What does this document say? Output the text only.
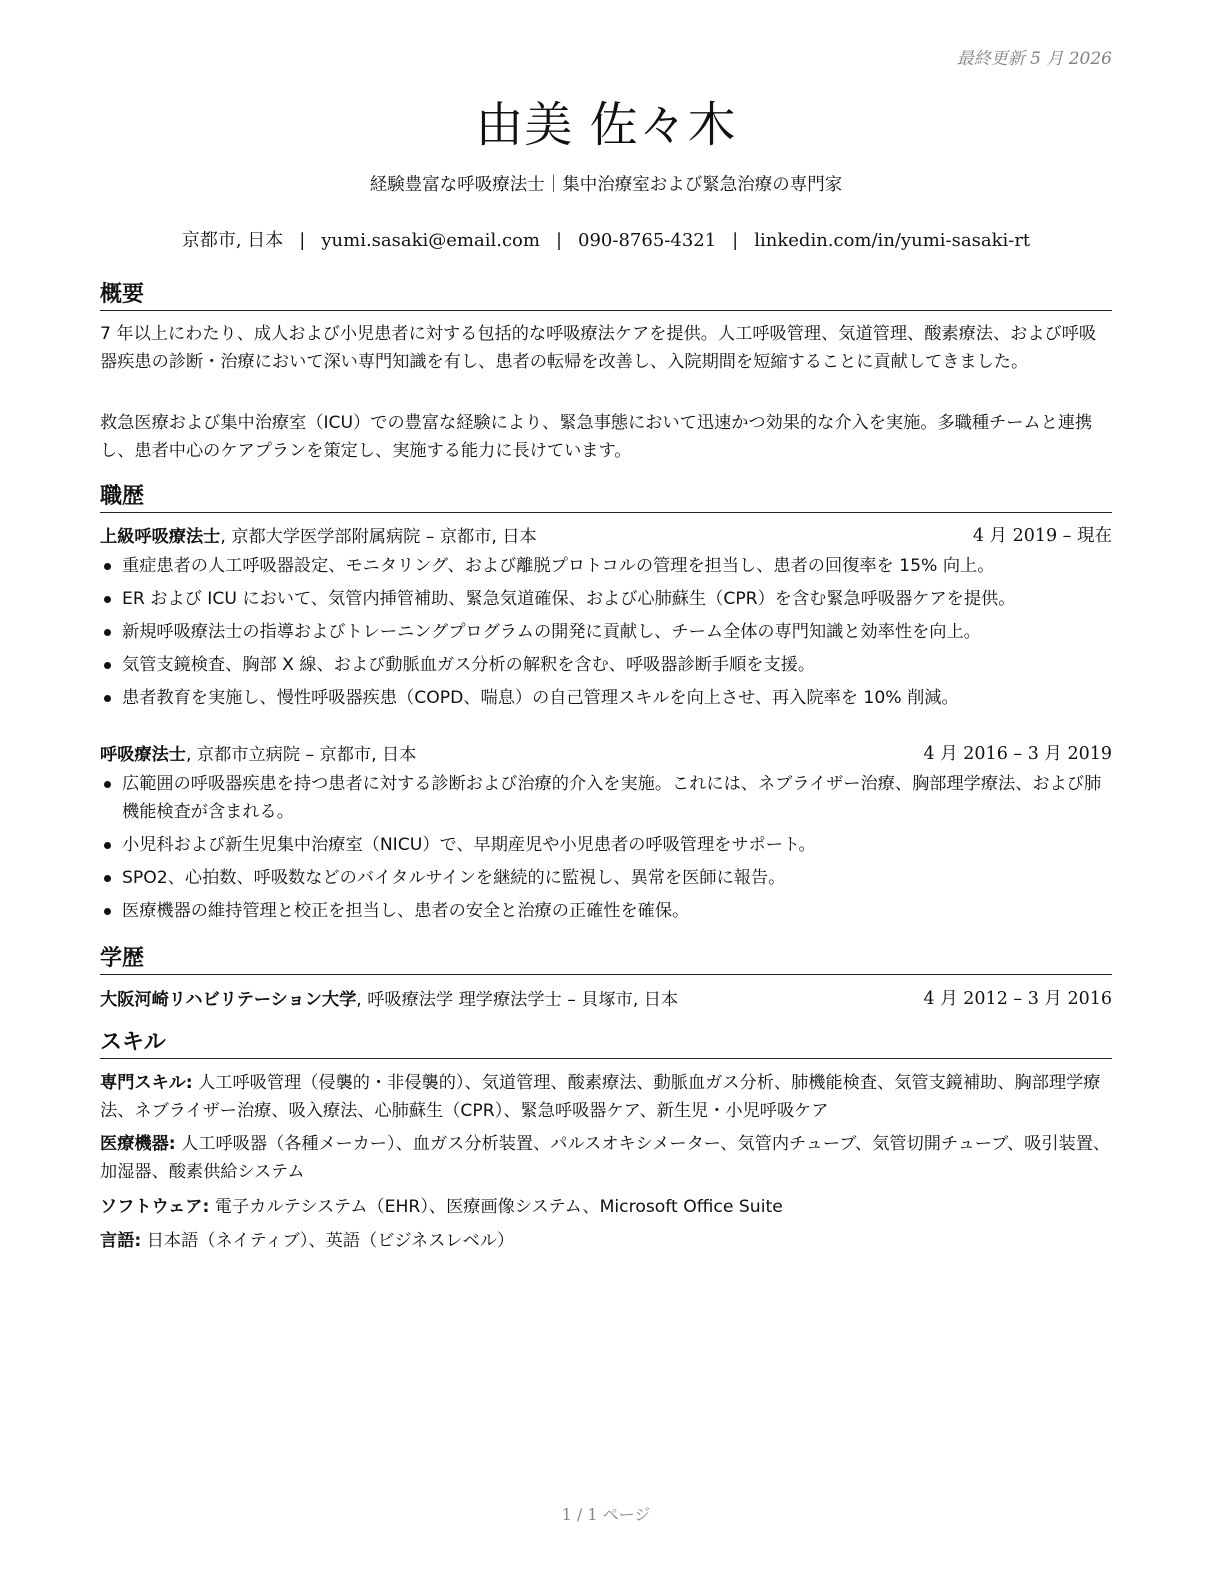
最終更新 5 月 2026
由美 佐々木
経験豊富な呼吸療法士｜集中治療室および緊急治療の専門家
京都市, 日本 | yumi.sasaki@email.com | 090-8765-4321 | linkedin.com/in/yumi-sasaki-rt
概要
7 年以上にわたり、成人および小児患者に対する包括的な呼吸療法ケアを提供。人工呼吸管理、気道管理、酸素療法、および呼吸器疾患の診断・治療において深い専門知識を有し、患者の転帰を改善し、入院期間を短縮することに貢献してきました。
救急医療および集中治療室（ICU）での豊富な経験により、緊急事態において迅速かつ効果的な介入を実施。多職種チームと連携し、患者中心のケアプランを策定し、実施する能力に長けています。
職歴
上級呼吸療法士, 京都大学医学部附属病院 – 京都市, 日本	4 月 2019 – 現在
重症患者の人工呼吸器設定、モニタリング、および離脱プロトコルの管理を担当し、患者の回復率を 15% 向上。
ER および ICU において、気管内挿管補助、緊急気道確保、および心肺蘇生（CPR）を含む緊急呼吸器ケアを提供。
新規呼吸療法士の指導およびトレーニングプログラムの開発に貢献し、チーム全体の専門知識と効率性を向上。
気管支鏡検査、胸部 X 線、および動脈血ガス分析の解釈を含む、呼吸器診断手順を支援。
患者教育を実施し、慢性呼吸器疾患（COPD、喘息）の自己管理スキルを向上させ、再入院率を 10% 削減。
呼吸療法士, 京都市立病院 – 京都市, 日本	4 月 2016 – 3 月 2019
広範囲の呼吸器疾患を持つ患者に対する診断および治療的介入を実施。これには、ネブライザー治療、胸部理学療法、および肺機能検査が含まれる。
小児科および新生児集中治療室（NICU）で、早期産児や小児患者の呼吸管理をサポート。
SPO2、心拍数、呼吸数などのバイタルサインを継続的に監視し、異常を医師に報告。
医療機器の維持管理と校正を担当し、患者の安全と治療の正確性を確保。
学歴
大阪河崎リハビリテーション大学, 呼吸療法学 理学療法学士 – 貝塚市, 日本	4 月 2012 – 3 月 2016
スキル
専門スキル: 人工呼吸管理（侵襲的・非侵襲的）、気道管理、酸素療法、動脈血ガス分析、肺機能検査、気管支鏡補助、胸部理学療法、ネブライザー治療、吸入療法、心肺蘇生（CPR）、緊急呼吸器ケア、新生児・小児呼吸ケア
医療機器: 人工呼吸器（各種メーカー）、血ガス分析装置、パルスオキシメーター、気管内チューブ、気管切開チューブ、吸引装置、加湿器、酸素供給システム
ソフトウェア: 電子カルテシステム（EHR）、医療画像システム、Microsoft Office Suite
言語: 日本語（ネイティブ）、英語（ビジネスレベル）
1 / 1 ページ
